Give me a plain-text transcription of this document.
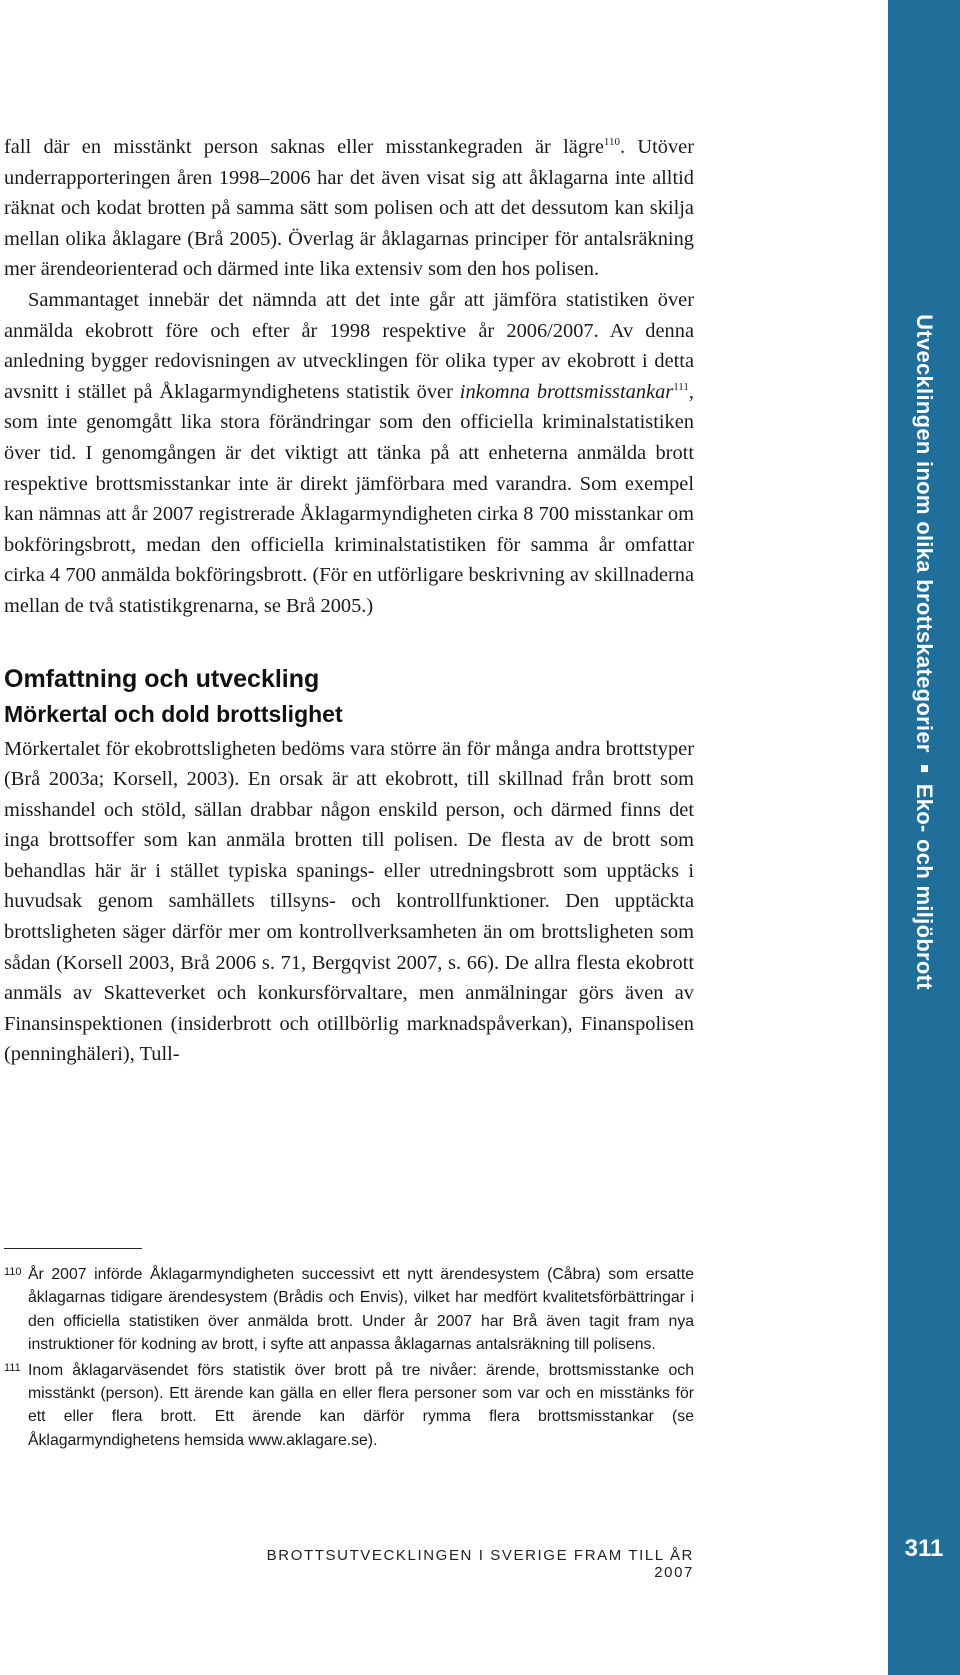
fall där en misstänkt person saknas eller misstankegraden är lägre$^{110}$. Utöver underrapporteringen åren 1998–2006 har det även visat sig att åklagarna inte alltid räknat och kodat brotten på samma sätt som polisen och att det dessutom kan skilja mellan olika åklagare (Brå 2005). Överlag är åklagarnas principer för antalsräkning mer ärendeorienterad och därmed inte lika extensiv som den hos polisen.

Sammantaget innebär det nämnda att det inte går att jämföra statistiken över anmälda ekobrott före och efter år 1998 respektive år 2006/2007. Av denna anledning bygger redovisningen av utvecklingen för olika typer av ekobrott i detta avsnitt i stället på Åklagarmyndighetens statistik över inkomna brottsmisstankar$^{111}$, som inte genomgått lika stora förändringar som den officiella kriminalstatistiken över tid. I genomgången är det viktigt att tänka på att enheterna anmälda brott respektive brottsmisstankar inte är direkt jämförbara med varandra. Som exempel kan nämnas att år 2007 registrerade Åklagarmyndigheten cirka 8 700 misstankar om bokföringsbrott, medan den officiella kriminalstatistiken för samma år omfattar cirka 4 700 anmälda bokföringsbrott. (För en utförligare beskrivning av skillnaderna mellan de två statistikgrenarna, se Brå 2005.)

Omfattning och utveckling
Mörkertal och dold brottslighet

Mörkertalet för ekobrottsligheten bedöms vara större än för många andra brottstyper (Brå 2003a; Korsell, 2003). En orsak är att ekobrott, till skillnad från brott som misshandel och stöld, sällan drabbar någon enskild person, och därmed finns det inga brottsoffer som kan anmäla brotten till polisen. De flesta av de brott som behandlas här är i stället typiska spanings- eller utredningsbrott som upptäcks i huvudsak genom samhällets tillsyns- och kontrollfunktioner. Den upptäckta brottsligheten säger därför mer om kontrollverksamheten än om brottsligheten som sådan (Korsell 2003, Brå 2006 s. 71, Bergqvist 2007, s. 66). De allra flesta ekobrott anmäls av Skatteverket och konkursförvaltare, men anmälningar görs även av Finansinspektionen (insiderbrott och otillbörlig marknadspåverkan), Finanspolisen (penninghäleri), Tull-

110 År 2007 införde Åklagarmyndigheten successivt ett nytt ärendesystem (Cåbra) som ersatte åklagarnas tidigare ärendesystem (Brådis och Envis), vilket har medfört kvalitetsförbättringar i den officiella statistiken över anmälda brott. Under år 2007 har Brå även tagit fram nya instruktioner för kodning av brott, i syfte att anpassa åklagarnas antalsräkning till polisens.

111 Inom åklagarväsendet förs statistik över brott på tre nivåer: ärende, brottsmisstanke och misstänkt (person). Ett ärende kan gälla en eller flera personer som var och en misstänks för ett eller flera brott. Ett ärende kan därför rymma flera brottsmisstankar (se Åklagarmyndighetens hemsida www.aklagare.se).

BROTTSUTVECKLINGEN I SVERIGE FRAM TILL ÅR 2007
Utvecklingen inom olika brottskategorierEko- och miljöbrott
311
